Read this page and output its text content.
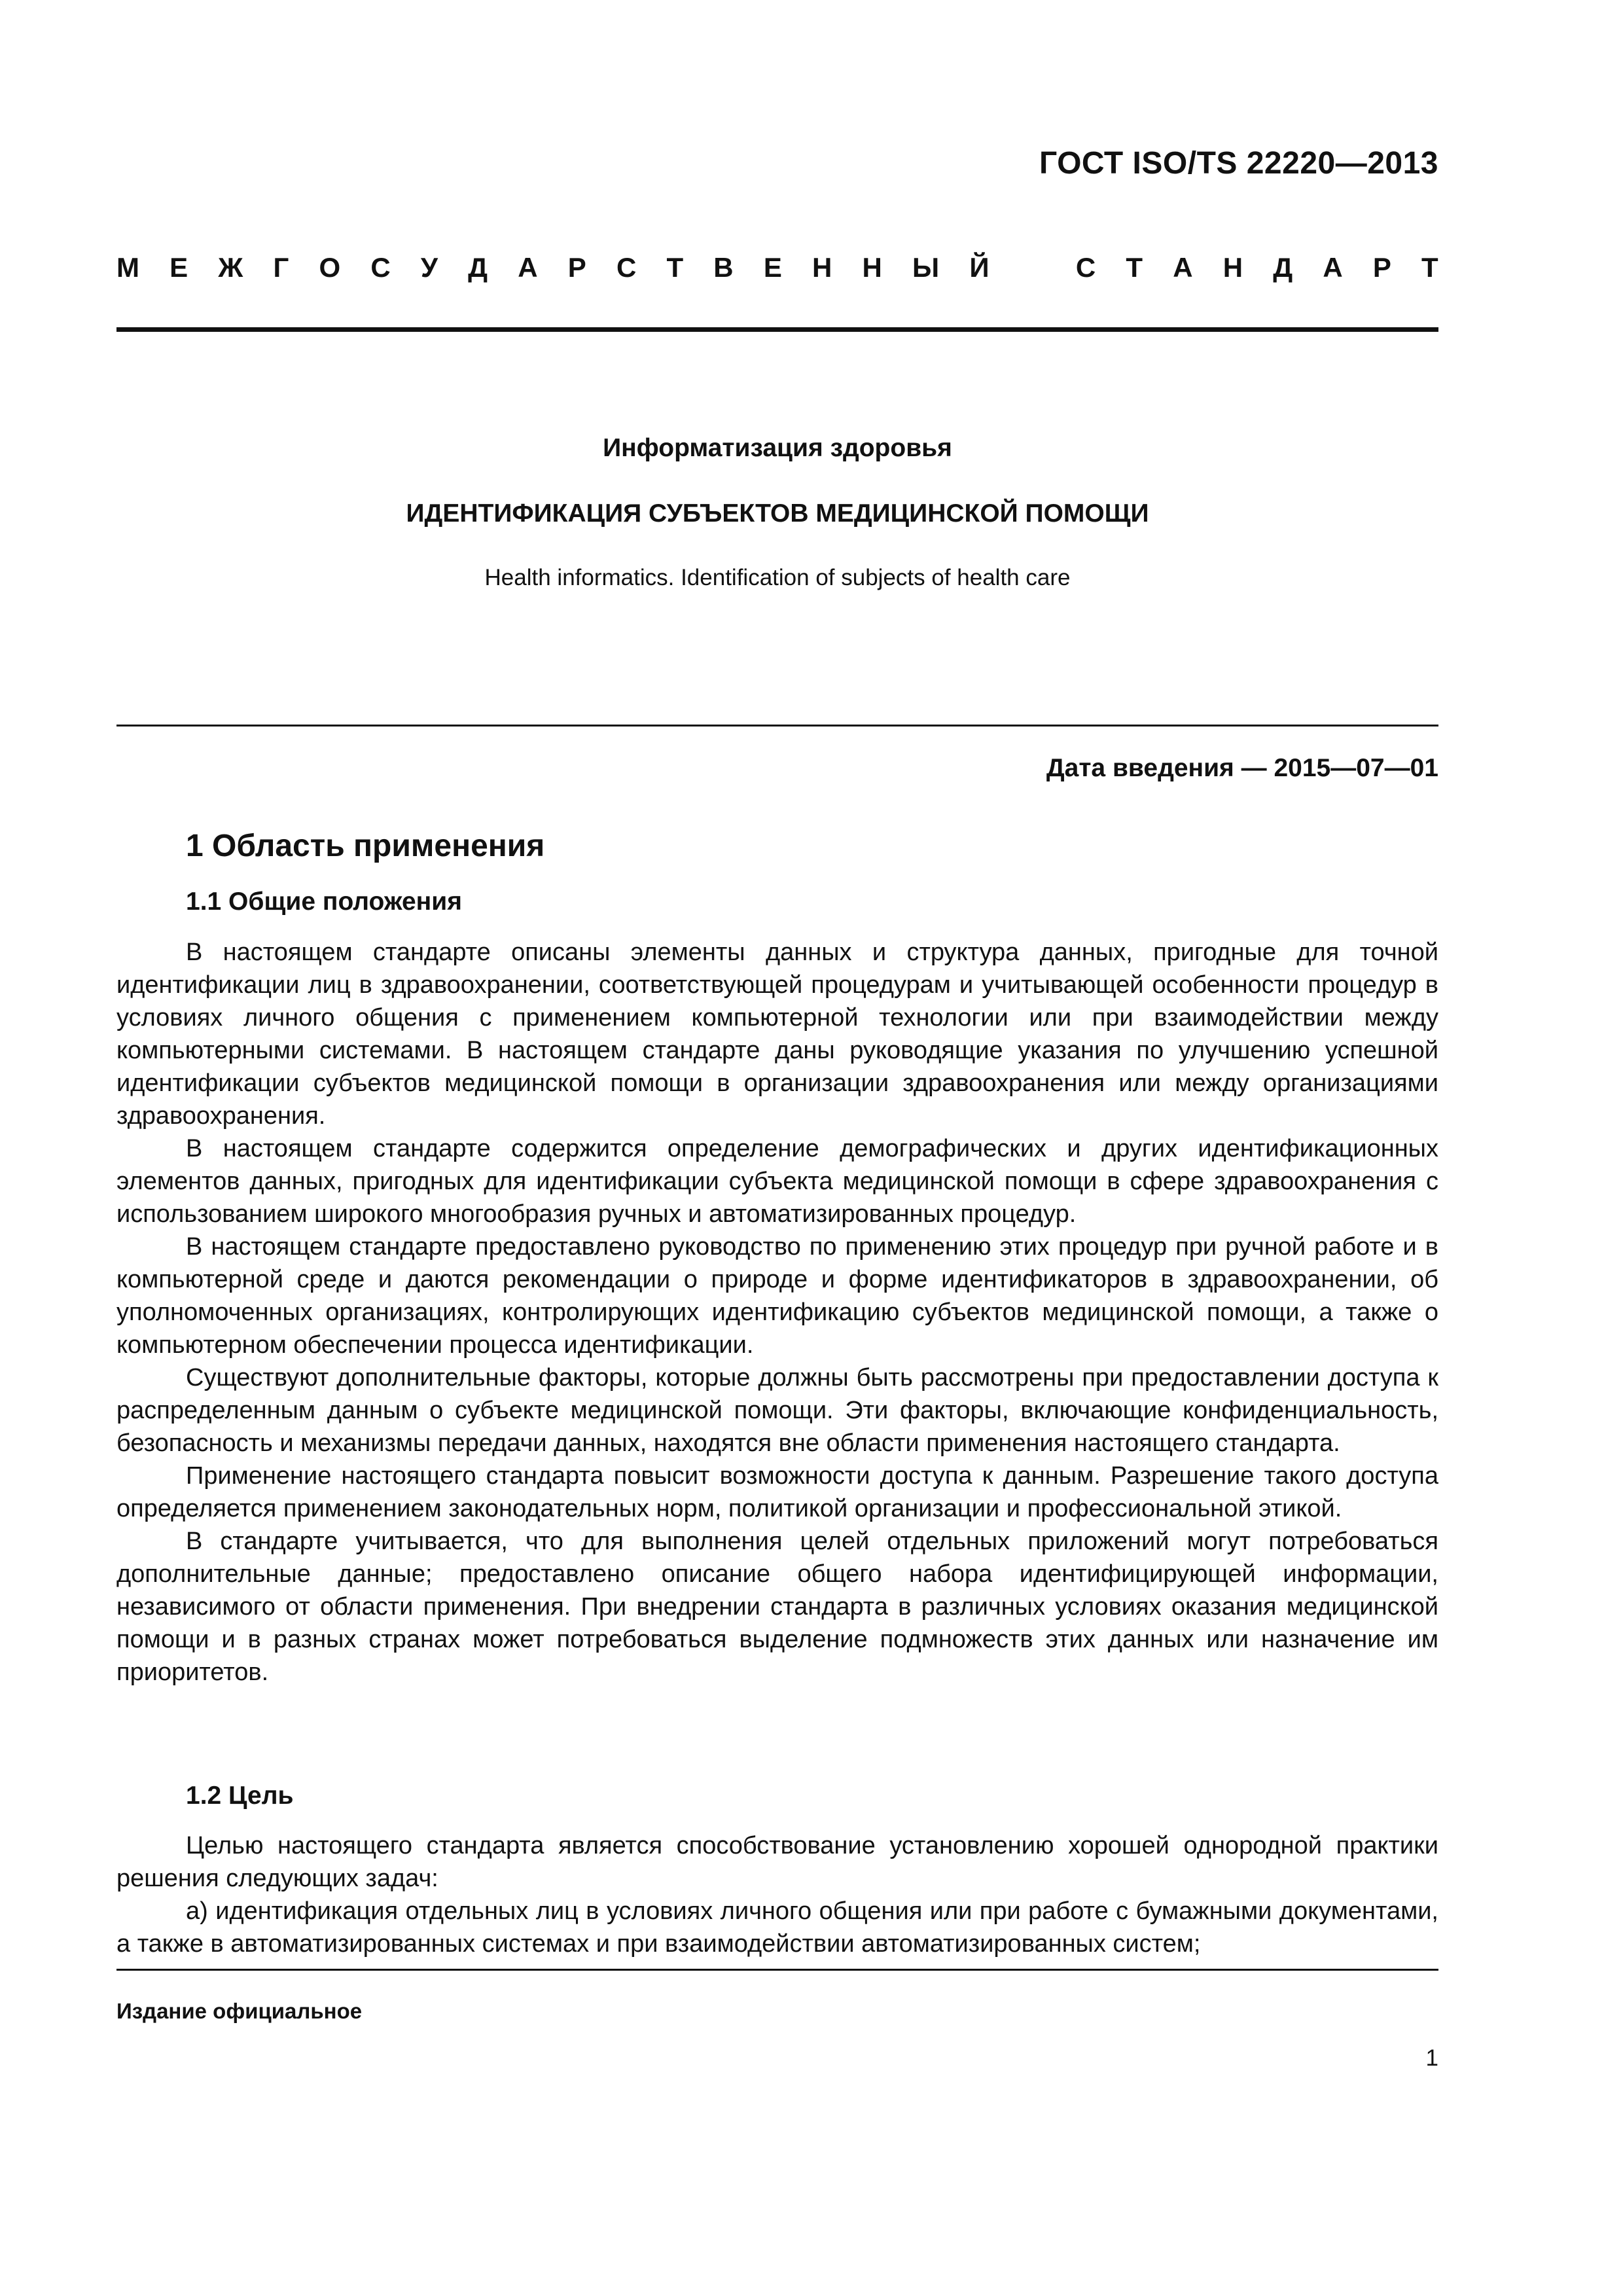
ГОСТ ISO/TS 22220—2013
М Е Ж Г О С У Д А Р С Т В Е Н Н Ы Й	С Т А Н Д А Р Т
Информатизация здоровья
ИДЕНТИФИКАЦИЯ СУБЪЕКТОВ МЕДИЦИНСКОЙ ПОМОЩИ
Health informatics. Identification of subjects of health care
Дата введения — 2015—07—01
1 Область применения
1.1 Общие положения

В настоящем стандарте описаны элементы данных и структура данных, пригодные для точной идентификации лиц в здравоохранении, соответствующей процедурам и учитывающей особенности процедур в условиях личного общения с применением компьютерной технологии или при взаимодействии между компьютерными системами. В настоящем стандарте даны руководящие указания по улучшению успешной идентификации субъектов медицинской помощи в организации здравоохранения или между организациями здравоохранения.

В настоящем стандарте содержится определение демографических и других идентификационных элементов данных, пригодных для идентификации субъекта медицинской помощи в сфере здравоохранения с использованием широкого многообразия ручных и автоматизированных процедур.

В настоящем стандарте предоставлено руководство по применению этих процедур при ручной работе и в компьютерной среде и даются рекомендации о природе и форме идентификаторов в здравоохранении, об уполномоченных организациях, контролирующих идентификацию субъектов медицинской помощи, а также о компьютерном обеспечении процесса идентификации.

Существуют дополнительные факторы, которые должны быть рассмотрены при предоставлении доступа к распределенным данным о субъекте медицинской помощи. Эти факторы, включающие конфиденциальность, безопасность и механизмы передачи данных, находятся вне области применения настоящего стандарта.

Применение настоящего стандарта повысит возможности доступа к данным. Разрешение такого доступа определяется применением законодательных норм, политикой организации и профессиональной этикой.

В стандарте учитывается, что для выполнения целей отдельных приложений могут потребоваться дополнительные данные; предоставлено описание общего набора идентифицирующей информации, независимого от области применения. При внедрении стандарта в различных условиях оказания медицинской помощи и в разных странах может потребоваться выделение подмножеств этих данных или назначение им приоритетов.

1.2 Цель

Целью настоящего стандарта является способствование установлению хорошей однородной практики решения следующих задач:

а) идентификация отдельных лиц в условиях личного общения или при работе с бумажными документами, а также в автоматизированных системах и при взаимодействии автоматизированных систем;

Издание официальное
1
